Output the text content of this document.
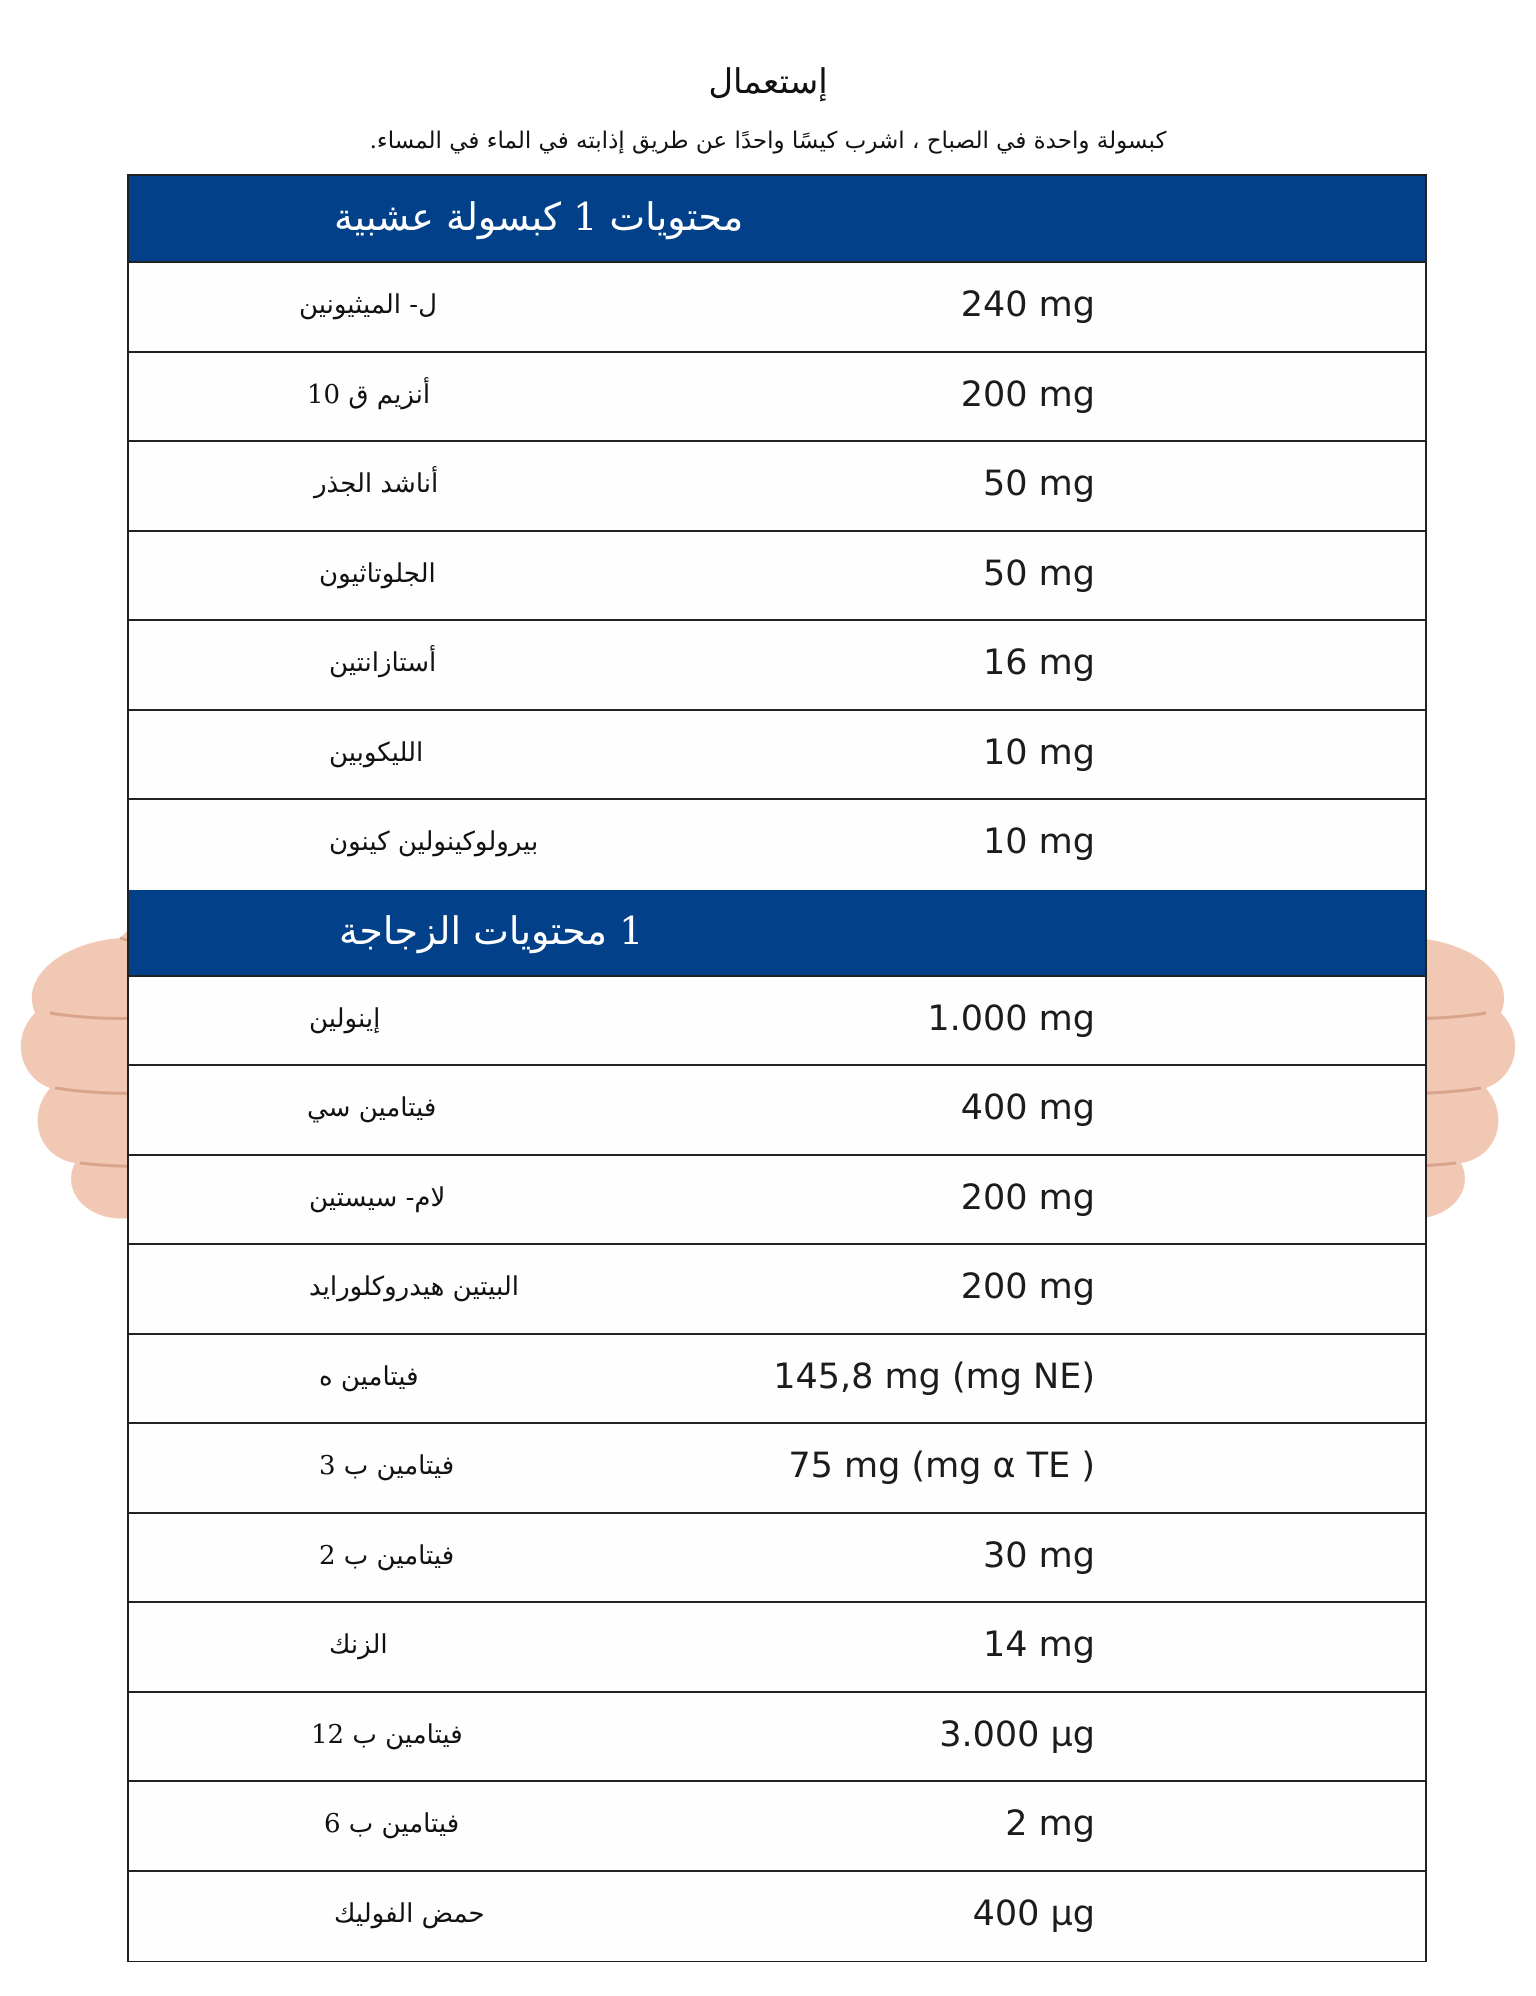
إستعمال
كبسولة واحدة في الصباح ، اشرب كيسًا واحدًا عن طريق إذابته في الماء في المساء.
محتويات 1 كبسولة عشبية
ل- الميثيونين	240 mg
أنزيم ق 10	200 mg
أناشد الجذر	50 mg
الجلوتاثيون	50 mg
أستازانتين	16 mg
الليكوبين	10 mg
بيرولوكينولين كينون	10 mg
1 محتويات الزجاجة
إينولين	1.000 mg
فيتامين سي	400 mg
لام- سيستين	200 mg
البيتين هيدروكلورايد	200 mg
فيتامين ه	145,8 mg (mg NE)
فيتامين ب 3	75 mg (mg α TE )
فيتامين ب 2	30 mg
الزنك	14 mg
فيتامين ب 12	3.000 µg
فيتامين ب 6	2 mg
حمض الفوليك	400 µg
